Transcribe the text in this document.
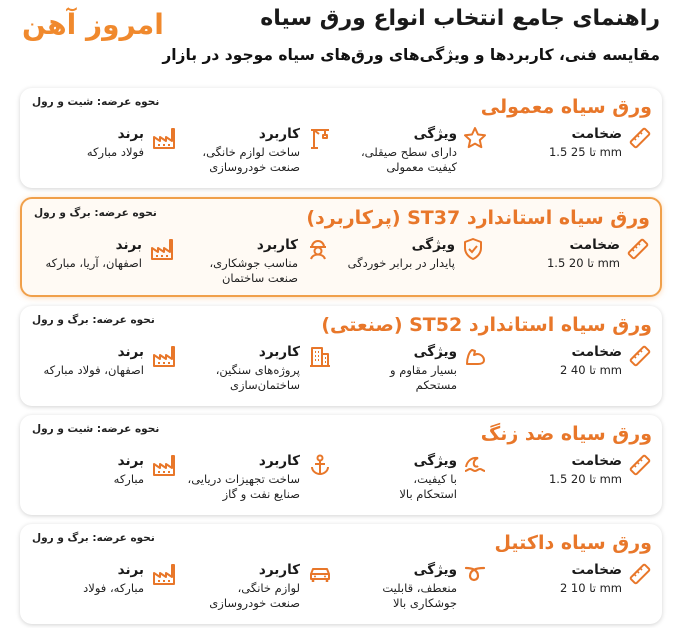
راهنمای جامع انتخاب انواع ورق سیاه
مقایسه فنی، کاربردها و ویژگی‌های ورق‌های سیاه موجود در بازار
امروز آهن
ورق سیاه معمولی
نحوه عرضه: شیت و رول
ضخامت
1.5 تا 25 mm
ویژگی
دارای سطح صیقلی،
کیفیت معمولی
کاربرد
ساخت لوازم خانگی،
صنعت خودروسازی
برند
فولاد مبارکه
ورق سیاه استاندارد ST37 (پرکاربرد)
نحوه عرضه: برگ و رول
ضخامت
1.5 تا 20 mm
ویژگی
پایدار در برابر خوردگی
کاربرد
مناسب جوشکاری،
صنعت ساختمان
برند
اصفهان، آریا، مبارکه
ورق سیاه استاندارد ST52 (صنعتی)
نحوه عرضه: برگ و رول
ضخامت
2 تا 40 mm
ویژگی
بسیار مقاوم و
مستحکم
کاربرد
پروژه‌های سنگین،
ساختمان‌سازی
برند
اصفهان، فولاد مبارکه
ورق سیاه ضد زنگ
نحوه عرضه: شیت و رول
ضخامت
1.5 تا 20 mm
ویژگی
با کیفیت،
استحکام بالا
کاربرد
ساخت تجهیزات دریایی،
صنایع نفت و گاز
برند
مبارکه
ورق سیاه داکتیل
نحوه عرضه: برگ و رول
ضخامت
2 تا 10 mm
ویژگی
منعطف، قابلیت
جوشکاری بالا
کاربرد
لوازم خانگی،
صنعت خودروسازی
برند
مبارکه، فولاد
